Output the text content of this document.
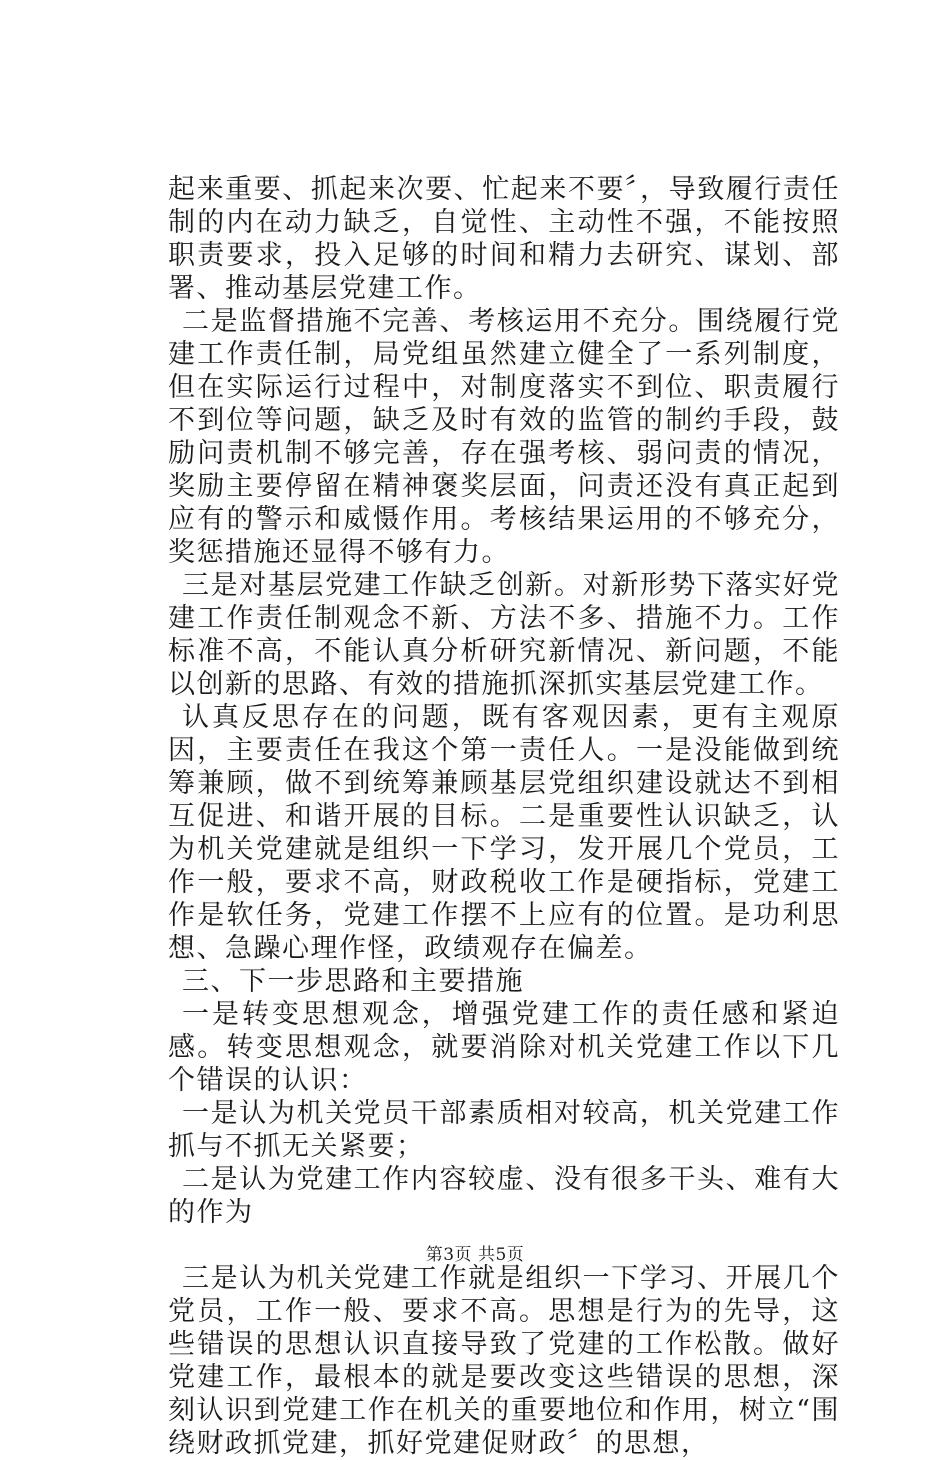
起来重要、抓起来次要、忙起来不要〞，导致履行责任制的内在动力缺乏，自觉性、主动性不强，不能按照职责要求，投入足够的时间和精力去研究、谋划、部署、推动基层党建工作。

二是监督措施不完善、考核运用不充分。围绕履行党建工作责任制，局党组虽然建立健全了一系列制度，但在实际运行过程中，对制度落实不到位、职责履行不到位等问题，缺乏及时有效的监管的制约手段，鼓励问责机制不够完善，存在强考核、弱问责的情况，奖励主要停留在精神褒奖层面，问责还没有真正起到应有的警示和威慑作用。考核结果运用的不够充分，奖惩措施还显得不够有力。

三是对基层党建工作缺乏创新。对新形势下落实好党建工作责任制观念不新、方法不多、措施不力。工作标准不高，不能认真分析研究新情况、新问题，不能以创新的思路、有效的措施抓深抓实基层党建工作。

认真反思存在的问题，既有客观因素，更有主观原因，主要责任在我这个第一责任人。一是没能做到统筹兼顾，做不到统筹兼顾基层党组织建设就达不到相互促进、和谐开展的目标。二是重要性认识缺乏，认为机关党建就是组织一下学习，发开展几个党员，工作一般，要求不高，财政税收工作是硬指标，党建工作是软任务，党建工作摆不上应有的位置。是功利思想、急躁心理作怪，政绩观存在偏差。

三、下一步思路和主要措施

一是转变思想观念，增强党建工作的责任感和紧迫感。转变思想观念，就要消除对机关党建工作以下几个错误的认识：

一是认为机关党员干部素质相对较高，机关党建工作抓与不抓无关紧要；

二是认为党建工作内容较虚、没有很多干头、难有大的作为

三是认为机关党建工作就是组织一下学习、开展几个党员，工作一般、要求不高。思想是行为的先导，这些错误的思想认识直接导致了党建的工作松散。做好党建工作，最根本的就是要改变这些错误的思想，深刻认识到党建工作在机关的重要地位和作用，树立“围绕财政抓党建，抓好党建促财政〞的思想，

第3页 共5页
